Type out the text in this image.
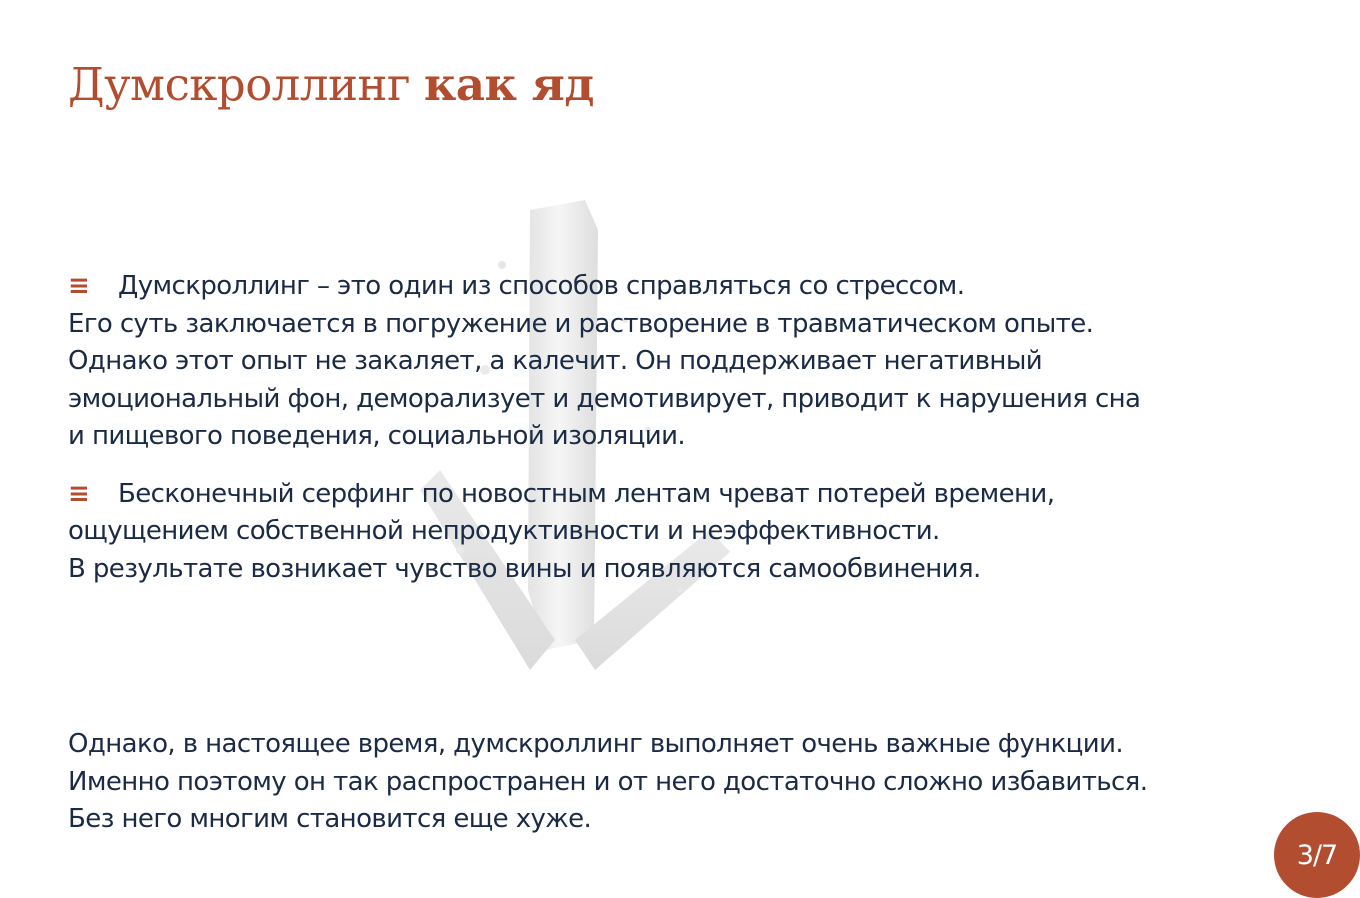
Думскроллинг как яд

≡ Думскроллинг – это один из способов справляться со стрессом.
Его суть заключается в погружение и растворение в травматическом опыте.
Однако этот опыт не закаляет, а калечит. Он поддерживает негативный
эмоциональный фон, деморализует и демотивирует, приводит к нарушения сна
и пищевого поведения, социальной изоляции.

≡ Бесконечный серфинг по новостным лентам чреват потерей времени,
ощущением собственной непродуктивности и неэффективности.
В результате возникает чувство вины и появляются самообвинения.

Однако, в настоящее время, думскроллинг выполняет очень важные функции.
Именно поэтому он так распространен и от него достаточно сложно избавиться.
Без него многим становится еще хуже.
3/7
